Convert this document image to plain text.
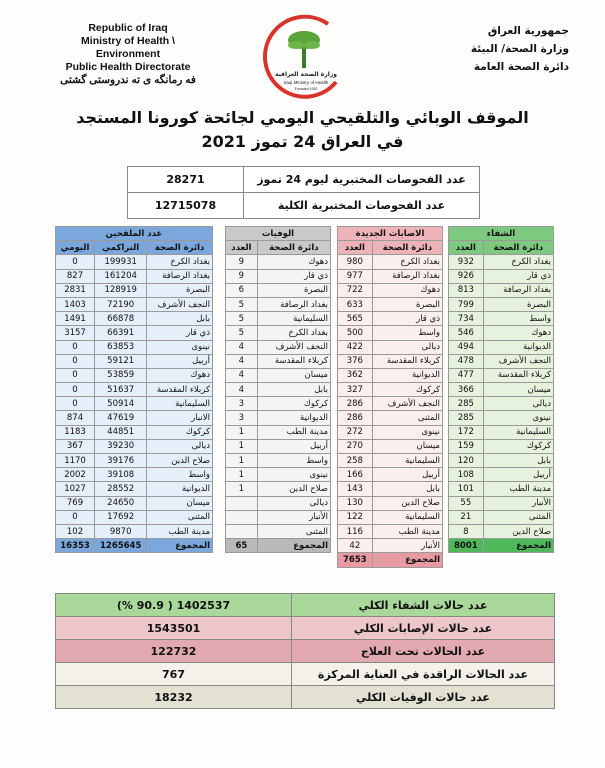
Republic of Iraq
Ministry of Health \ Environment
Public Health Directorate
فه رمانگه ى ته ندروستى گشتى	وزارة الصحة العراقية
Iraqi Ministry of Health
Founded 1920
جمهورية العراق
وزارة الصحة/ البيئة
دائرة الصحة العامة
الموقف الوبائي والتلقيحي اليومي لجائحة كورونا المستجد
في العراق 24 تموز 2021
عدد الفحوصات المختبرية ليوم 24 تموز	28271
عدد الفحوصات المختبرية الكلية	12715078
الشفاء	
دائرة الصحة	العدد
بغداد الكرخ	932
ذي قار	926
بغداد الرصافة	813
البصرة	799
واسط	734
دهوك	546
الديوانية	494
النجف الأشرف	478
كربلاء المقدسة	477
ميسان	366
ديالى	285
نينوى	285
السليمانية	172
كركوك	159
بابل	120
أربيل	108
مدينة الطب	101
الأنبار	55
المثنى	21
صلاح الدين	8
المجموع	8001
الاصابات الجديدة	
دائرة الصحة	العدد
بغداد الكرخ	980
بغداد الرصافة	977
دهوك	722
البصرة	633
ذي قار	565
واسط	500
ديالى	422
كربلاء المقدسة	376
الديوانية	362
كركوك	327
النجف الأشرف	286
المثنى	286
نينوى	272
ميسان	270
السليمانية	258
أربيل	166
بابل	143
صلاح الدين	130
السليمانية	122
مدينة الطب	116
الأنبار	42
المجموع	7653
الوفيات	
دائرة الصحة	العدد
دهوك	9
ذي قار	9
البصرة	6
بغداد الرصافة	5
السليمانية	5
بغداد الكرخ	5
النجف الأشرف	4
كربلاء المقدسة	4
ميسان	4
بابل	4
كركوك	3
الديوانية	3
مدينة الطب	1
أربيل	1
واسط	1
نينوى	1
صلاح الدين	1
ديالى	
الأنبار	
المثنى	
المجموع	65
عدد الملقحين		
دائرة الصحة	التراكمي	اليومي
بغداد الكرخ	199931	0
بغداد الرصافة	161204	827
البصرة	128919	2831
النجف الأشرف	72190	1403
بابل	66878	1491
ذي قار	66391	3157
نينوى	63853	0
أربيل	59121	0
دهوك	53859	0
كربلاء المقدسة	51637	0
السليمانية	50914	0
الانبار	47619	874
كركوك	44851	1183
ديالى	39230	367
صلاح الدين	39176	1170
واسط	39108	2002
الديوانية	28552	1027
ميسان	24650	769
المثنى	17692	0
مدينة الطب	9870	102
المجموع	1265645	16353
عدد حالات الشفاء الكلي	1402537 ( 90.9 %)
عدد حالات الإصابات الكلي	1543501
عدد الحالات تحت العلاج	122732
عدد الحالات الراقدة في العناية المركزة	767
عدد حالات الوفيات الكلي	18232
